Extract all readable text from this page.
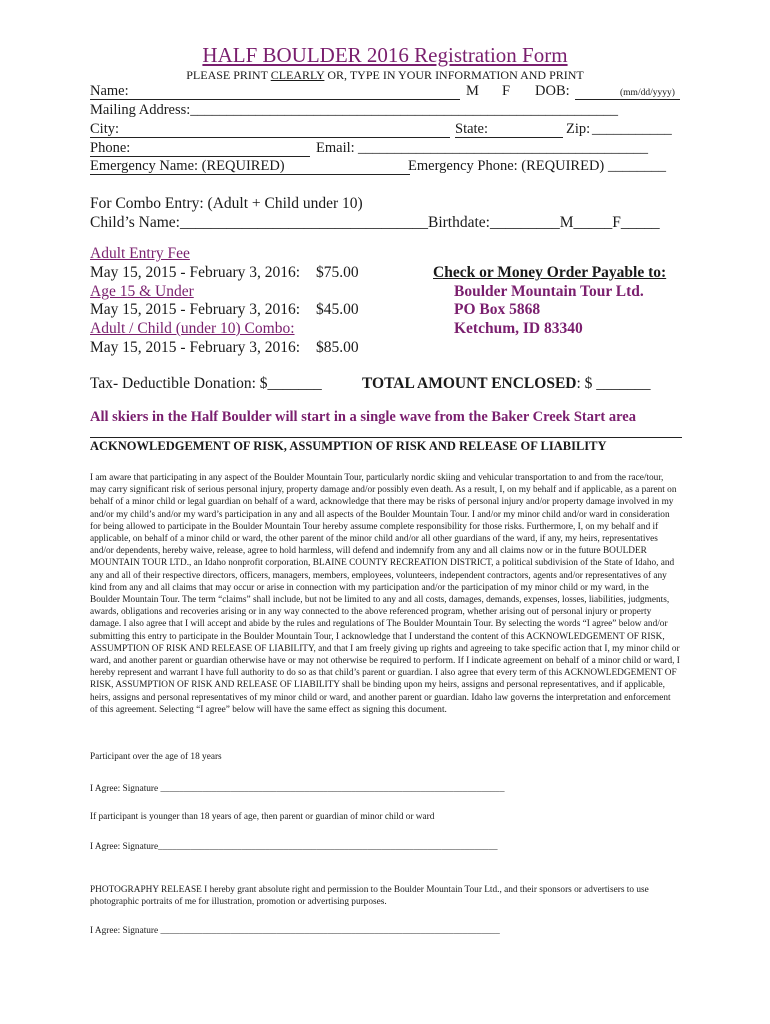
HALF BOULDER 2016 Registration Form
PLEASE PRINT CLEARLY OR, TYPE IN YOUR INFORMATION AND PRINT
Name:	M F DOB:	(mm/dd/yyyy)
Mailing Address:___________________________________________________________
City:	State:	Zip: ___________
Phone:	Email: ________________________________________
Emergency Name: (REQUIRED)	Emergency Phone: (REQUIRED) ________
For Combo Entry: (Adult + Child under 10)
Child’s Name:________________________________Birthdate:_________M_____F_____
Adult Entry Fee
May 15, 2015 - February 3, 2016: $75.00
Age 15 & Under
May 15, 2015 - February 3, 2016: $45.00
Adult / Child (under 10) Combo:
May 15, 2015 - February 3, 2016: $85.00
Check or Money Order Payable to:
Boulder Mountain Tour Ltd.
PO Box 5868
Ketchum, ID 83340
Tax- Deductible Donation: $_______	TOTAL AMOUNT ENCLOSED: $ _______
All skiers in the Half Boulder will start in a single wave from the Baker Creek Start area
ACKNOWLEDGEMENT OF RISK, ASSUMPTION OF RISK AND RELEASE OF LIABILITY
I am aware that participating in any aspect of the Boulder Mountain Tour, particularly nordic skiing and vehicular transportation to and from the race/tour, may carry significant risk of serious personal injury, property damage and/or possibly even death. As a result, I, on my behalf and if applicable, as a parent on behalf of a minor child or legal guardian on behalf of a ward, acknowledge that there may be risks of personal injury and/or property damage involved in my and/or my child’s and/or my ward’s participation in any and all aspects of the Boulder Mountain Tour. I and/or my minor child and/or ward in consideration for being allowed to participate in the Boulder Mountain Tour hereby assume complete responsibility for those risks. Furthermore, I, on my behalf and if applicable, on behalf of a minor child or ward, the other parent of the minor child and/or all other guardians of the ward, if any, my heirs, representatives and/or dependents, hereby waive, release, agree to hold harmless, will defend and indemnify from any and all claims now or in the future BOULDER MOUNTAIN TOUR LTD., an Idaho nonprofit corporation, BLAINE COUNTY RECREATION DISTRICT, a political subdivision of the State of Idaho, and any and all of their respective directors, officers, managers, members, employees, volunteers, independent contractors, agents and/or representatives of any kind from any and all claims that may occur or arise in connection with my participation and/or the participation of my minor child or my ward, in the Boulder Mountain Tour. The term “claims” shall include, but not be limited to any and all costs, damages, demands, expenses, losses, liabilities, judgments, awards, obligations and recoveries arising or in any way connected to the above referenced program, whether arising out of personal injury or property damage. I also agree that I will accept and abide by the rules and regulations of The Boulder Mountain Tour. By selecting the words “I agree” below and/or submitting this entry to participate in the Boulder Mountain Tour, I acknowledge that I understand the content of this ACKNOWLEDGEMENT OF RISK, ASSUMPTION OF RISK AND RELEASE OF LIABILITY, and that I am freely giving up rights and agreeing to take specific action that I, my minor child or ward, and another parent or guardian otherwise have or may not otherwise be required to perform. If I indicate agreement on behalf of a minor child or ward, I hereby represent and warrant I have full authority to do so as that child’s parent or guardian. I also agree that every term of this ACKNOWLEDGEMENT OF RISK, ASSUMPTION OF RISK AND RELEASE OF LIABILITY shall be binding upon my heirs, assigns and personal representatives, and if applicable, heirs, assigns and personal representatives of my minor child or ward, and another parent or guardian. Idaho law governs the interpretation and enforcement of this agreement. Selecting “I agree” below will have the same effect as signing this document.
Participant over the age of 18 years
I Agree: Signature __________________________________________________________________________
If participant is younger than 18 years of age, then parent or guardian of minor child or ward
I Agree: Signature_________________________________________________________________________
PHOTOGRAPHY RELEASE I hereby grant absolute right and permission to the Boulder Mountain Tour Ltd., and their sponsors or advertisers to use photographic portraits of me for illustration, promotion or advertising purposes.
I Agree: Signature _________________________________________________________________________
